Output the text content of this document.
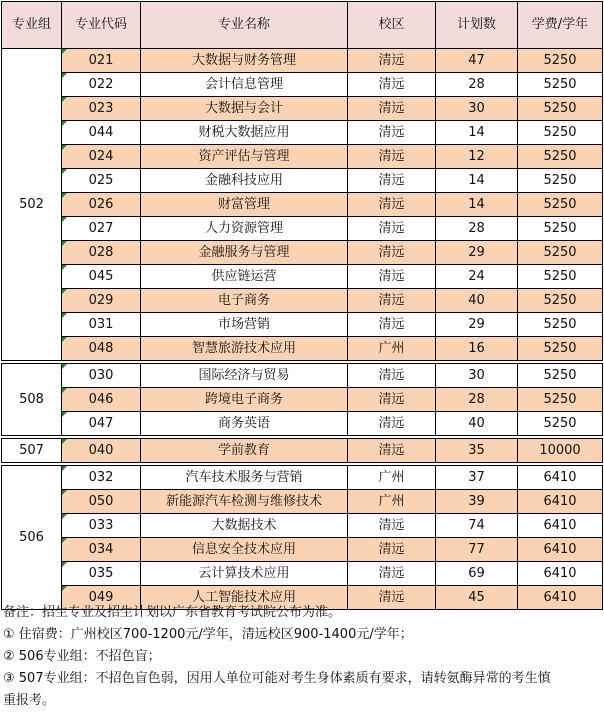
专业组	专业代码	专业名称	校区	计划数	学费/学年
502	021	大数据与财务管理	清远	47	5250
	022	会计信息管理	清远	28	5250
	023	大数据与会计	清远	30	5250
	044	财税大数据应用	清远	14	5250
	024	资产评估与管理	清远	12	5250
	025	金融科技应用	清远	14	5250
	026	财富管理	清远	14	5250
	027	人力资源管理	清远	28	5250
	028	金融服务与管理	清远	29	5250
	045	供应链运营	清远	24	5250
	029	电子商务	清远	40	5250
	031	市场营销	清远	29	5250
	048	智慧旅游技术应用	广州	16	5250

508	030	国际经济与贸易	清远	30	5250
	046	跨境电子商务	清远	28	5250
	047	商务英语	清远	40	5250

507	040	学前教育	清远	35	10000

506	032	汽车技术服务与营销	广州	37	6410
	050	新能源汽车检测与维修技术	广州	39	6410
	033	大数据技术	清远	74	6410
	034	信息安全技术应用	清远	77	6410
	035	云计算技术应用	清远	69	6410
	049	人工智能技术应用	清远	45	6410
备注：招生专业及招生计划以广东省教育考试院公布为准。
① 住宿费：广州校区700-1200元/学年，清远校区900-1400元/学年；
② 506专业组：不招色盲；
③ 507专业组：不招色盲色弱，因用人单位可能对考生身体素质有要求，请转氨酶异常的考生慎
重报考。
